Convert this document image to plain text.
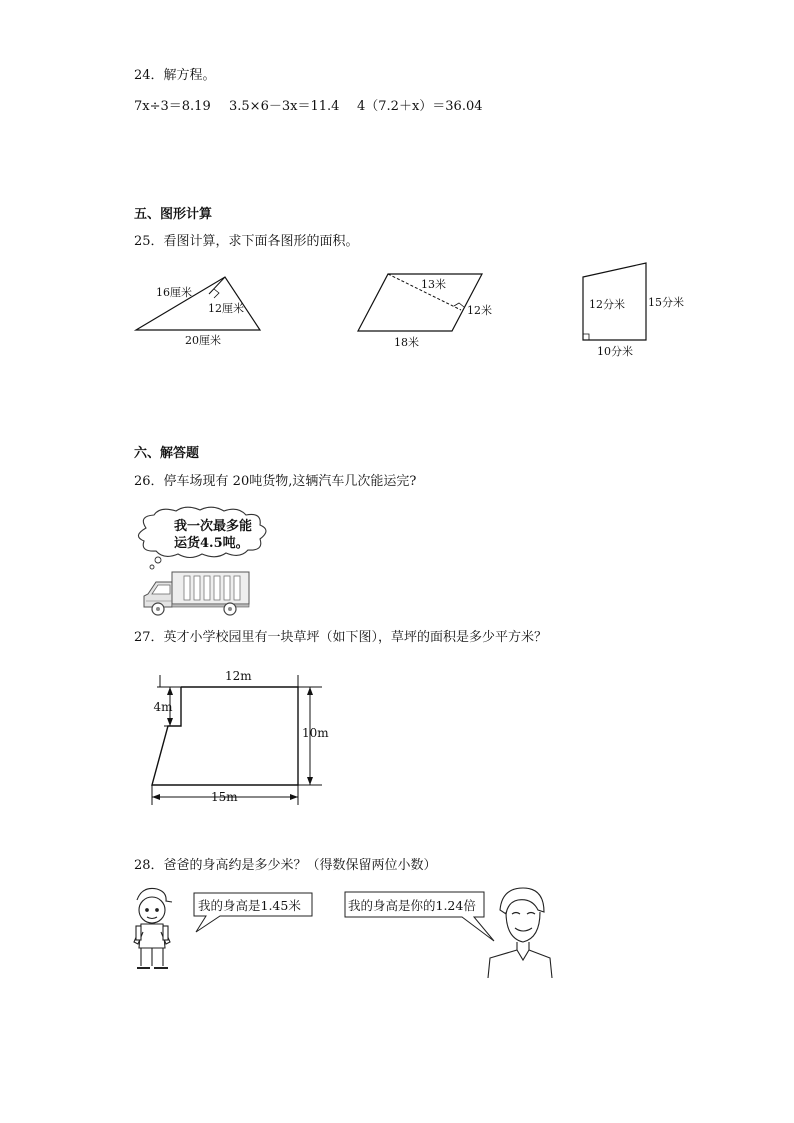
24．解方程。
7x÷3＝8.19 3.5×6－3x＝11.4 4（7.2＋x）＝36.04
五、图形计算
25．看图计算，求下面各图形的面积。
16厘米
12厘米
20厘米
13米
12米
18米
12分米 15分米
10分米
六、解答题
26．停车场现有 20吨货物,这辆汽车几次能运完?
我一次最多能
运货4.5吨。
27．英才小学校园里有一块草坪（如下图），草坪的面积是多少平方米？
12m
4m
10m
15m
28．爸爸的身高约是多少米？（得数保留两位小数）
我的身高是1.45米	我的身高是你的1.24倍
